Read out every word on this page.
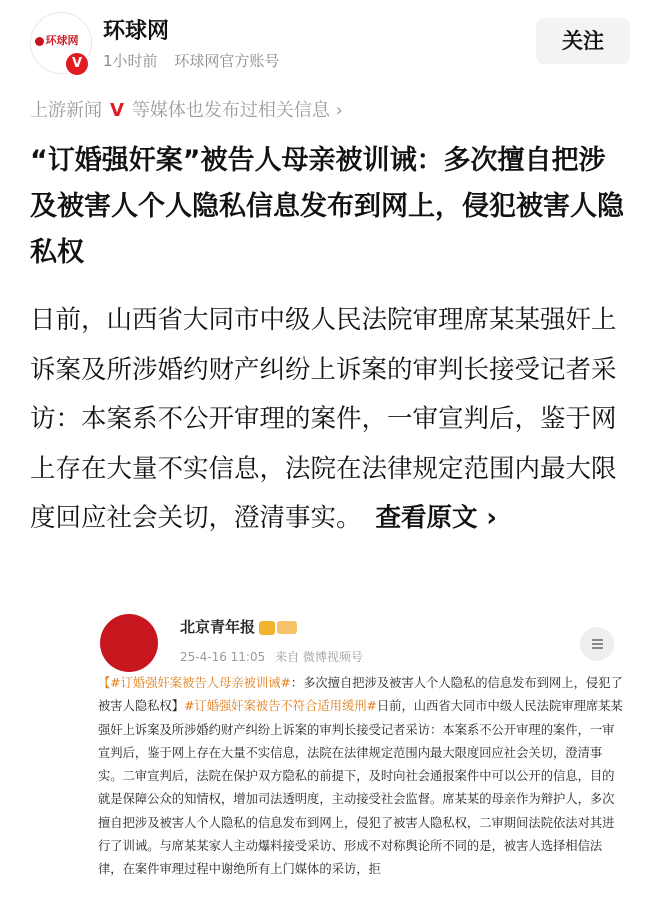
环球网
V
环球网
1小时前 环球网官方账号
关注
上游新闻 V 等媒体也发布过相关信息 ›
“订婚强奸案”被告人母亲被训诫：多次擅自把涉及被害人个人隐私信息发布到网上，侵犯被害人隐私权
日前，山西省大同市中级人民法院审理席某某强奸上诉案及所涉婚约财产纠纷上诉案的审判长接受记者采访：本案系不公开审理的案件，一审宣判后，鉴于网上存在大量不实信息，法院在法律规定范围内最大限度回应社会关切，澄清事实。 查看原文 ›
北京青年报
25-4-16 11:05 来自 微博视频号
【#订婚强奸案被告人母亲被训诫#：多次擅自把涉及被害人个人隐私的信息发布到网上，侵犯了被害人隐私权】#订婚强奸案被告不符合适用缓刑#日前，山西省大同市中级人民法院审理席某某强奸上诉案及所涉婚约财产纠纷上诉案的审判长接受记者采访：本案系不公开审理的案件，一审宣判后，鉴于网上存在大量不实信息，法院在法律规定范围内最大限度回应社会关切，澄清事实。二审宣判后，法院在保护双方隐私的前提下，及时向社会通报案件中可以公开的信息，目的就是保障公众的知情权，增加司法透明度，主动接受社会监督。席某某的母亲作为辩护人，多次擅自把涉及被害人个人隐私的信息发布到网上，侵犯了被害人隐私权，二审期间法院依法对其进行了训诫。与席某某家人主动爆料接受采访、形成不对称舆论所不同的是，被害人选择相信法律，在案件审理过程中谢绝所有上门媒体的采访，拒
